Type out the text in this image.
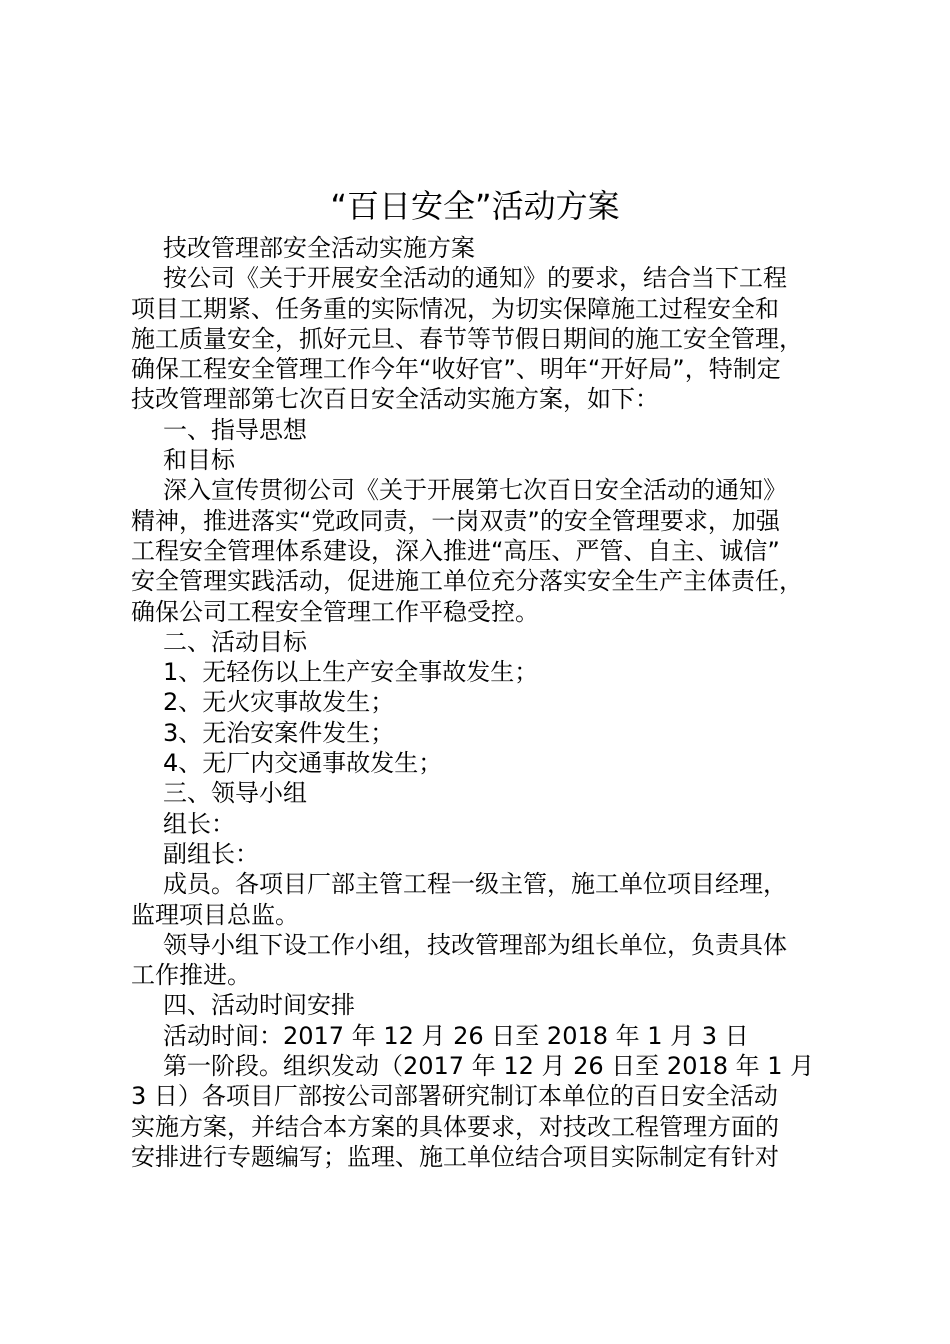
“百日安全”活动方案

技改管理部安全活动实施方案

按公司《关于开展安全活动的通知》的要求，结合当下工程

项目工期紧、任务重的实际情况，为切实保障施工过程安全和

施工质量安全，抓好元旦、春节等节假日期间的施工安全管理，

确保工程安全管理工作今年“收好官”、明年“开好局”，特制定

技改管理部第七次百日安全活动实施方案，如下：

一、指导思想

和目标

深入宣传贯彻公司《关于开展第七次百日安全活动的通知》

精神，推进落实“党政同责，一岗双责”的安全管理要求，加强

工程安全管理体系建设，深入推进“高压、严管、自主、诚信”

安全管理实践活动，促进施工单位充分落实安全生产主体责任，

确保公司工程安全管理工作平稳受控。

二、活动目标

1、无轻伤以上生产安全事故发生；

2、无火灾事故发生；

3、无治安案件发生；

4、无厂内交通事故发生；

三、领导小组

组长：

副组长：

成员。各项目厂部主管工程一级主管，施工单位项目经理，

监理项目总监。

领导小组下设工作小组，技改管理部为组长单位，负责具体

工作推进。

四、活动时间安排

活动时间：2017 年 12 月 26 日至 2018 年 1 月 3 日

第一阶段。组织发动（2017 年 12 月 26 日至 2018 年 1 月

3 日）各项目厂部按公司部署研究制订本单位的百日安全活动

实施方案，并结合本方案的具体要求，对技改工程管理方面的

安排进行专题编写；监理、施工单位结合项目实际制定有针对
